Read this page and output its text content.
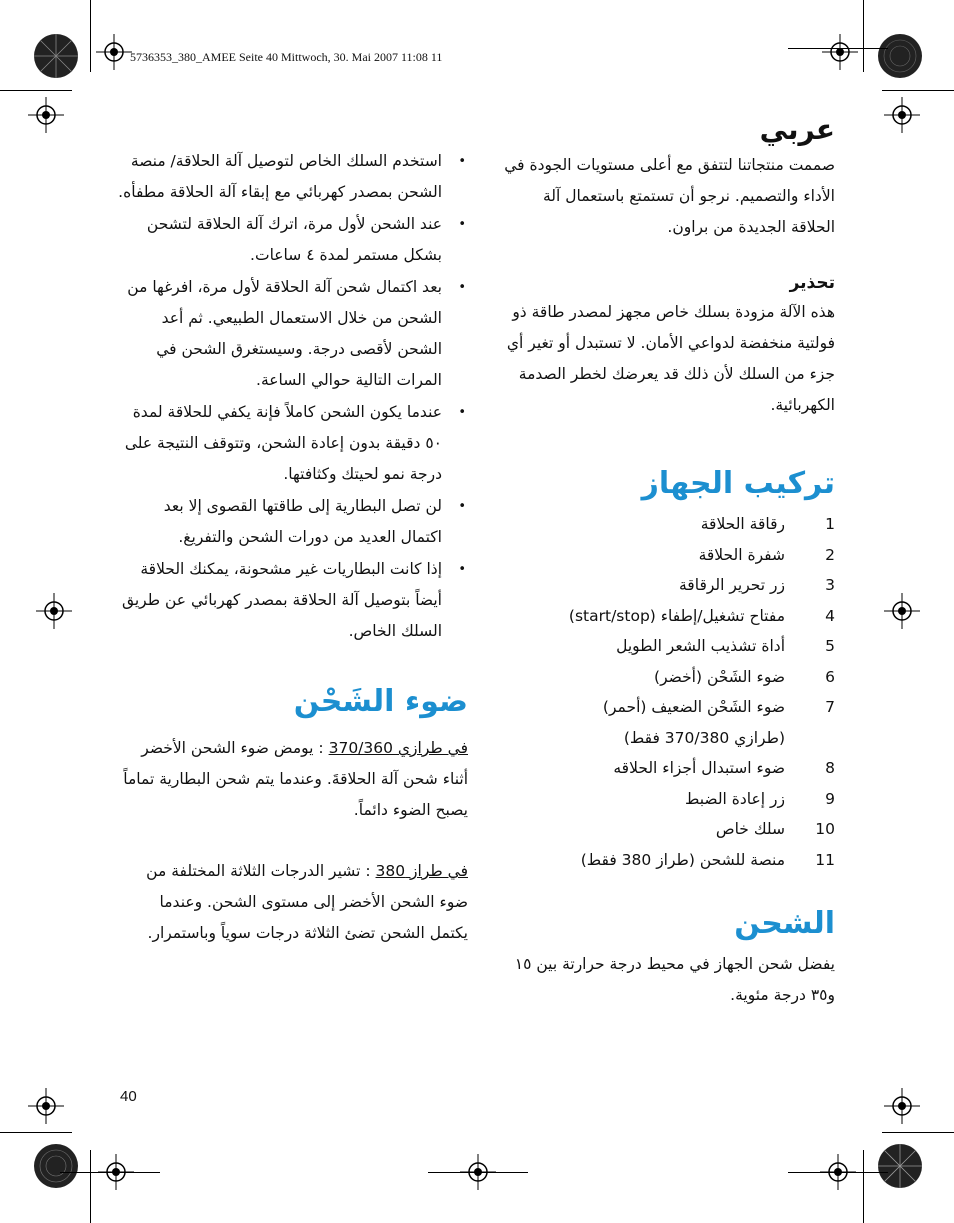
5736353_380_AMEE Seite 40 Mittwoch, 30. Mai 2007 11:08 11
عربي

صممت منتجاتنا لتتفق مع أعلى مستويات الجودة في الأداء والتصميم. نرجو أن تستمتع باستعمال آلة الحلاقة الجديدة من براون.

تحذير

هذه الآلة مزودة بسلك خاص مجهز لمصدر طاقة ذو فولتية منخفضة لدواعي الأمان. لا تستبدل أو تغير أي جزء من السلك لأن ذلك قد يعرضك لخطر الصدمة الكهربائية.

تركيب الجهاز
1
رقاقة الحلاقة
2
شفرة الحلاقة
3
زر تحرير الرقاقة
4
مفتاح تشغيل/إطفاء (start/stop)
5
أداة تشذيب الشعر الطويل
6
ضوء الشَحْن (أخضر)
7
ضوء الشَحْن الضعيف (أحمر)
(طرازي 370/380 فقط)
8
ضوء استبدال أجزاء الحلاقه
9
زر إعادة الضبط
10
سلك خاص
11
منصة للشحن (طراز 380 فقط)
الشحن

يفضل شحن الجهاز في محيط درجة حرارتة بين ١٥ و٣٥ درجة مئوية.

• استخدم السلك الخاص لتوصيل آلة الحلاقة/ منصة الشحن بمصدر كهربائي مع إبقاء آلة الحلاقة مطفأه.
• عند الشحن لأول مرة، اترك آلة الحلاقة لتشحن بشكل مستمر لمدة ٤ ساعات.
• بعد اكتمال شحن آلة الحلاقة لأول مرة، افرغها من الشحن من خلال الاستعمال الطبيعي. ثم أعد الشحن لأقصى درجة. وسيستغرق الشحن في المرات التالية حوالي الساعة.
• عندما يكون الشحن كاملاً فإنة يكفي للحلاقة لمدة ٥٠ دقيقة بدون إعادة الشحن، وتتوقف النتيجة على درجة نمو لحيتك وكثافتها.
• لن تصل البطارية إلى طاقتها القصوى إلا بعد اكتمال العديد من دورات الشحن والتفريغ.
• إذا كانت البطاريات غير مشحونة، يمكنك الحلاقة أيضاً بتوصيل آلة الحلاقة بمصدر كهربائي عن طريق السلك الخاص.
ضوء الشَحْن

في طرازي 370/360 : يومض ضوء الشحن الأخضر أثناء شحن آلة الحلاقةَ. وعندما يتم شحن البطارية تماماً يصبح الضوء دائماً.

في طراز 380 : تشير الدرجات الثلاثة المختلفة من ضوء الشحن الأخضر إلى مستوى الشحن. وعندما يكتمل الشحن تضئ الثلاثة درجات سوياً وباستمرار.

40
